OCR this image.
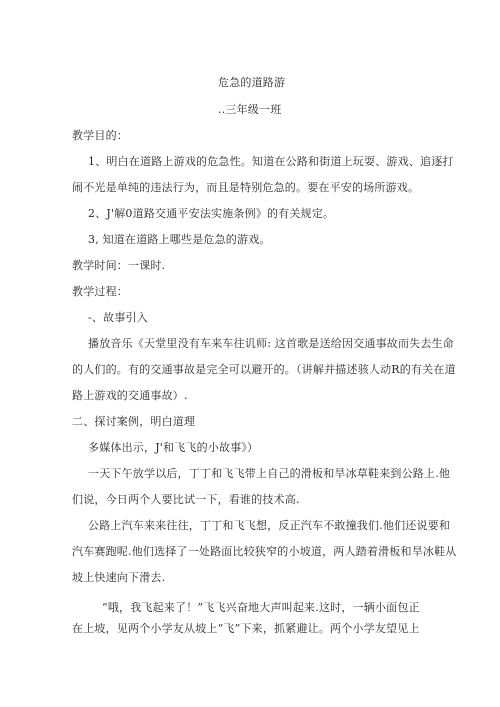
危急的道路游
..三年级一班
教学目的：
1、明白在道路上游戏的危急性。知道在公路和街道上玩耍、游戏、追逐打
闹不光是单纯的违法行为，而且是特别危急的。要在平安的场所游戏。
2、J'解0道路交通平安法实施条例》的有关规定。
3, 知道在道路上哪些是危急的游戏。
教学时间：一课时.
教学过程：
-、故事引入
播放音乐《天堂里没有车来车往讥师: 这首歌是送给因交通事故而失去生命
的人们的。有的交通事故是完全可以避开的。（讲解并描述骇人动R的有关在道
路上游戏的交通事故）.
二、探讨案例，明白道理
多媒体出示，J'和飞飞的小故事》）
一天下午放学以后，丁丁和飞飞带上自己的滑板和旱冰草鞋来到公路上.他
们说，今日两个人要比试一下，看谁的技术高.
公路上汽车来来往往，丁丁和飞飞想，反正汽车不敢撞我们.他们还说要和
汽车赛跑呢.他们选择了一处路面比较狭窄的小坡道，两人踏着滑板和旱冰鞋从
坡上快速向下滑去.
“哦，我飞起来了！”飞飞兴奋地大声叫起来.这时，一辆小面包正
在上坡，见两个小学友从坡上“飞”下来，抓紧避让。两个小学友望见上
